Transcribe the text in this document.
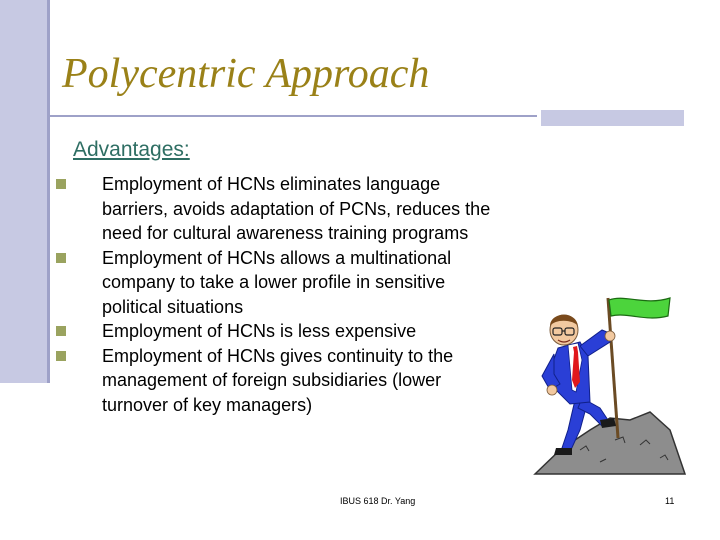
Polycentric Approach
Advantages:
Employment of HCNs eliminates language barriers, avoids adaptation of PCNs, reduces the need for cultural awareness training programs
Employment of HCNs allows a multinational company to take a lower profile in sensitive political situations
Employment of HCNs is less expensive
Employment of HCNs gives continuity to the management of foreign subsidiaries (lower turnover of key managers)
IBUS 618 Dr. Yang	11
